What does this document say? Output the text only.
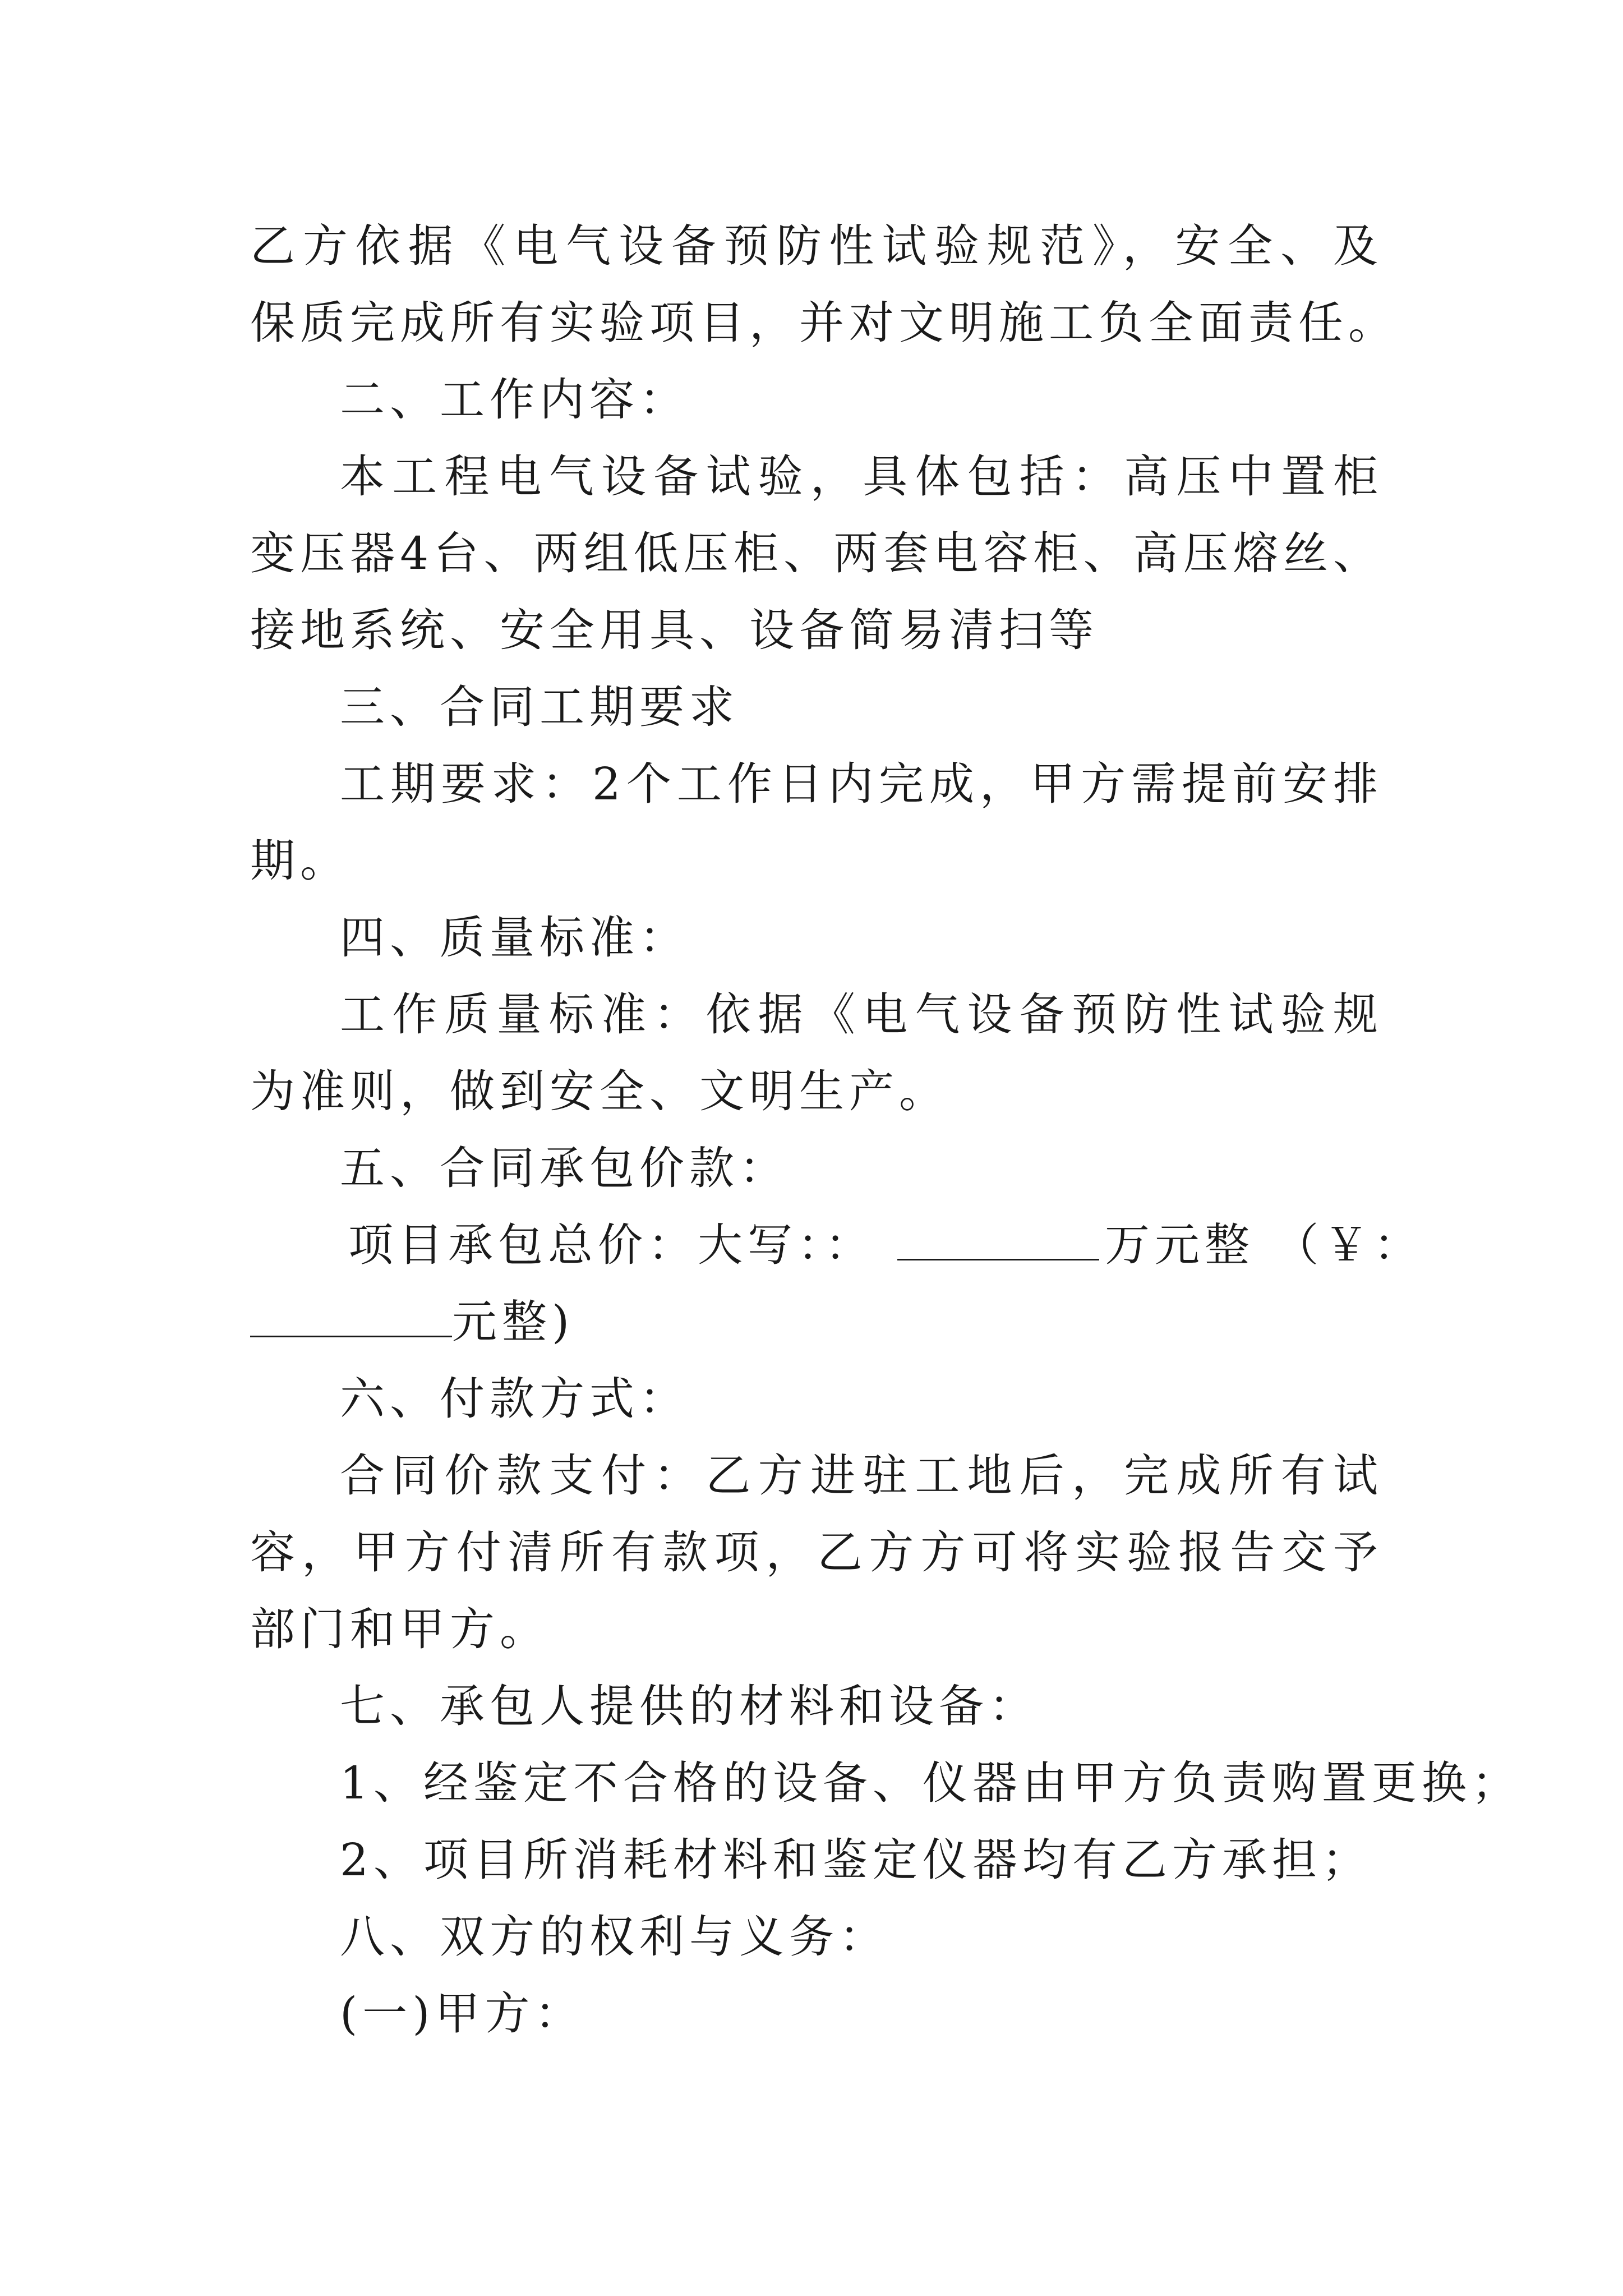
乙方依据《电气设备预防性试验规范》，安全、及
保质完成所有实验项目，并对文明施工负全面责任。
二、工作内容：
本工程电气设备试验，具体包括：高压中置柜
变压器4台、两组低压柜、两套电容柜、高压熔丝、
接地系统、安全用具、设备简易清扫等
三、合同工期要求
工期要求：2个工作日内完成，甲方需提前安排
期。
四、质量标准：
工作质量标准：依据《电气设备预防性试验规
为准则，做到安全、文明生产。
五、合同承包价款：
项目承包总价：大写：：	万元整 （￥：
元整)
六、付款方式：
合同价款支付：乙方进驻工地后，完成所有试
容，甲方付清所有款项，乙方方可将实验报告交予
部门和甲方。
七、承包人提供的材料和设备：
1、经鉴定不合格的设备、仪器由甲方负责购置更换；
2、项目所消耗材料和鉴定仪器均有乙方承担；
八、双方的权利与义务：
(一)甲方：
